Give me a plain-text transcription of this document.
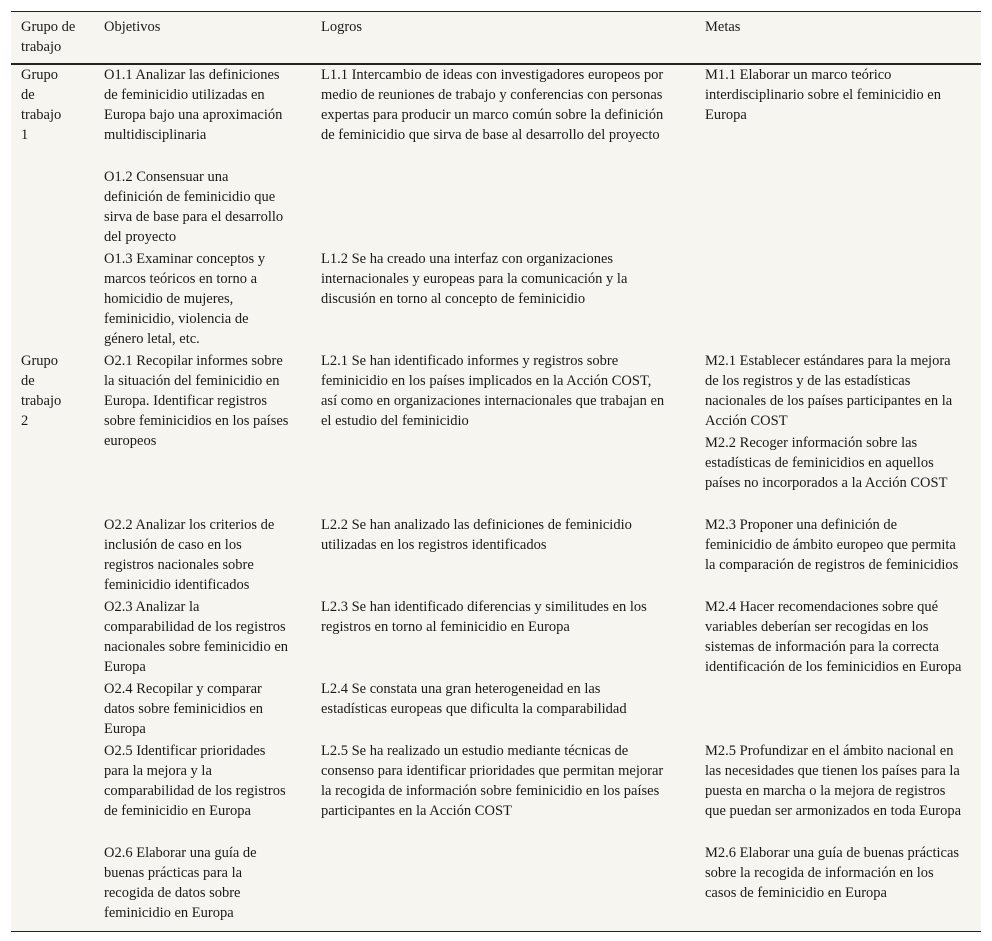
Grupo de trabajo
Objetivos	Logros	Metas
Grupo de trabajo 1
O1.1 Analizar las definiciones de feminicidio utilizadas en Europa bajo una aproximación multidisciplinaria
O1.2 Consensuar una definición de feminicidio que sirva de base para el desarrollo del proyecto
O1.3 Examinar conceptos y marcos teóricos en torno a homicidio de mujeres, feminicidio, violencia de género letal, etc.
L1.1 Intercambio de ideas con investigadores europeos por medio de reuniones de trabajo y conferencias con personas expertas para producir un marco común sobre la definición de feminicidio que sirva de base al desarrollo del proyecto
L1.2 Se ha creado una interfaz con organizaciones internacionales y europeas para la comunicación y la discusión en torno al concepto de feminicidio
M1.1 Elaborar un marco teórico interdisciplinario sobre el feminicidio en Europa
Grupo de trabajo 2
O2.1 Recopilar informes sobre la situación del feminicidio en Europa. Identificar registros sobre feminicidios en los países europeos
O2.2 Analizar los criterios de inclusión de caso en los registros nacionales sobre feminicidio identificados
O2.3 Analizar la comparabilidad de los registros nacionales sobre feminicidio en Europa
O2.4 Recopilar y comparar datos sobre feminicidios en Europa
O2.5 Identificar prioridades para la mejora y la comparabilidad de los registros de feminicidio en Europa
O2.6 Elaborar una guía de buenas prácticas para la recogida de datos sobre feminicidio en Europa
L2.1 Se han identificado informes y registros sobre feminicidio en los países implicados en la Acción COST, así como en organizaciones internacionales que trabajan en el estudio del feminicidio
L2.2 Se han analizado las definiciones de feminicidio utilizadas en los registros identificados
L2.3 Se han identificado diferencias y similitudes en los registros en torno al feminicidio en Europa
L2.4 Se constata una gran heterogeneidad en las estadísticas europeas que dificulta la comparabilidad
L2.5 Se ha realizado un estudio mediante técnicas de consenso para identificar prioridades que permitan mejorar la recogida de información sobre feminicidio en los países participantes en la Acción COST
M2.1 Establecer estándares para la mejora de los registros y de las estadísticas nacionales de los países participantes en la Acción COST
M2.2 Recoger información sobre las estadísticas de feminicidios en aquellos países no incorporados a la Acción COST
M2.3 Proponer una definición de feminicidio de ámbito europeo que permita la comparación de registros de feminicidios
M2.4 Hacer recomendaciones sobre qué variables deberían ser recogidas en los sistemas de información para la correcta identificación de los feminicidios en Europa
M2.5 Profundizar en el ámbito nacional en las necesidades que tienen los países para la puesta en marcha o la mejora de registros que puedan ser armonizados en toda Europa
M2.6 Elaborar una guía de buenas prácticas sobre la recogida de información en los casos de feminicidio en Europa
